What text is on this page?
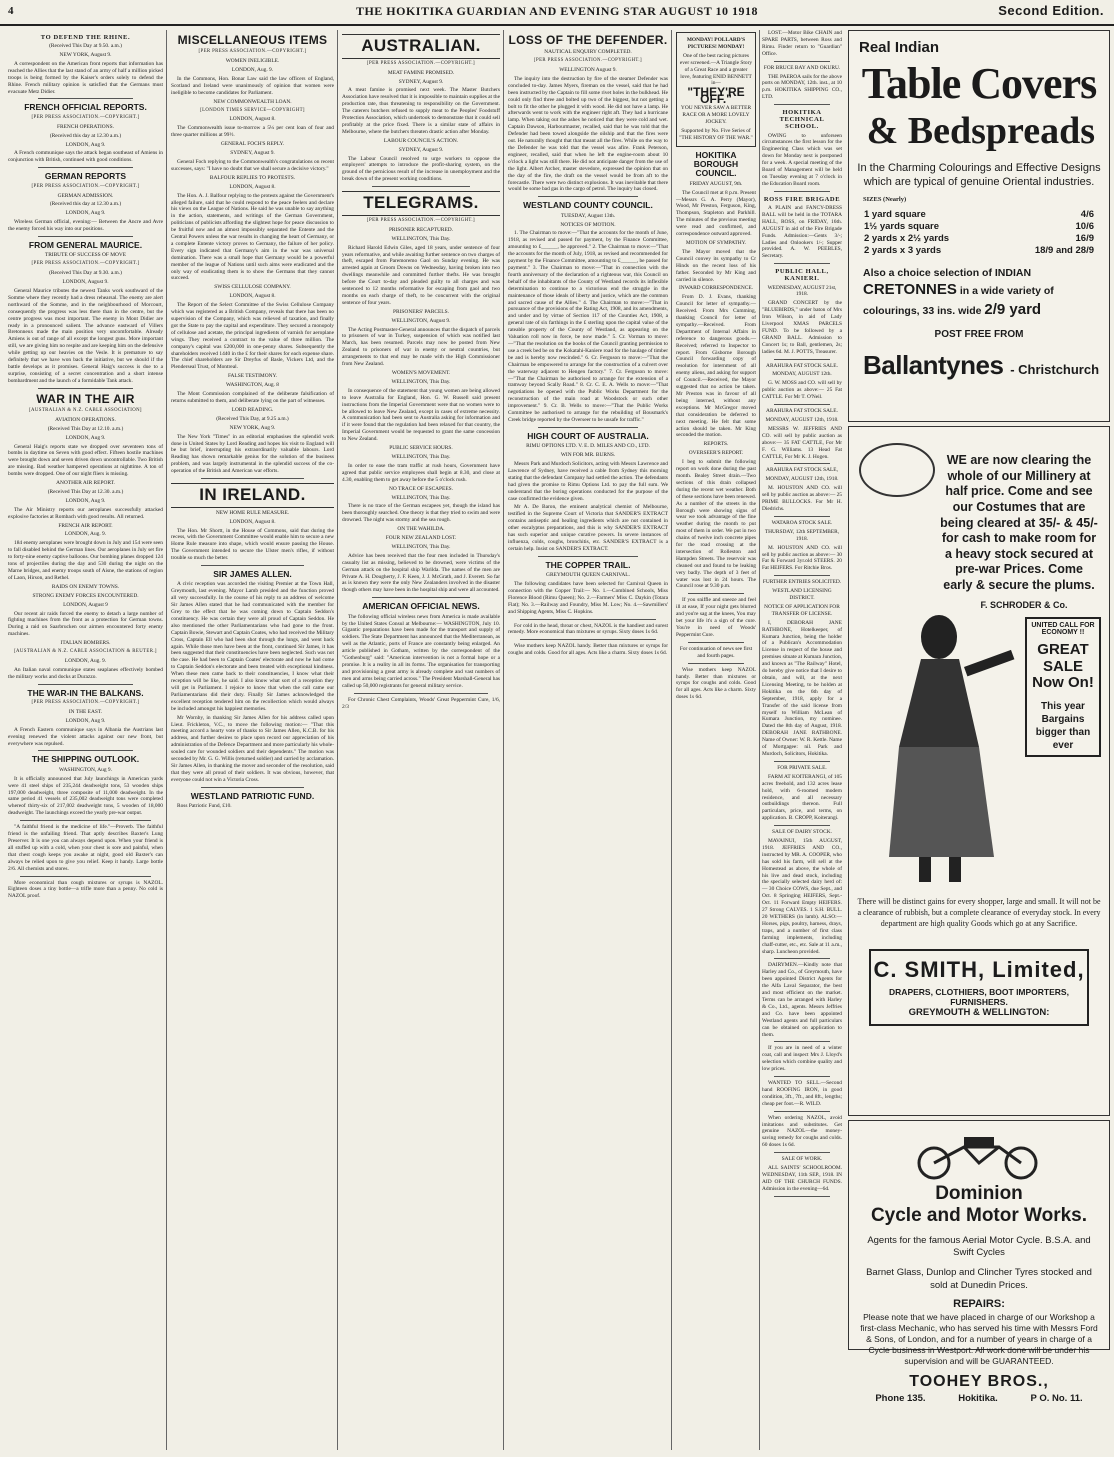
4	THE HOKITIKA GUARDIAN AND EVENING STAR AUGUST 10 1918	Second Edition.
TO DEFEND THE RHINE.
(Received This Day at 9.50. a.m.)
NEW YORK, August 9.

A correspondent on the American front reports that information has reached the Allies that the last stand of an army of half a million picked troops is being formed by the Kaiser's orders solely to defend the Rhine. French military opinion is satisfied that the Germans must evacuate Metz Didier.

FRENCH OFFICIAL REPORTS.
[PER PRESS ASSOCIATION.—COPYRIGHT.]
FRENCH OPERATIONS.
(Received this day at 12.30 a.m.)
LONDON, Aug 9.

A French communique says the attack began southeast of Amiens in conjunction with British, continued with good conditions.

GERMAN REPORTS
[PER PRESS ASSOCIATION.—COPYRIGHT.]
GERMAN ADMISSION.
(Received this day at 12.30 a.m.)
LONDON, Aug 9.

Wireless German official, evening:— Between the Ancre and Avre the enemy forced his way into our positions.

FROM GENERAL MAURICE.
TRIBUTE OF SUCCESS OF MOVE
[PER PRESS ASSOCIATION.—COPYRIGHT.]
(Received This Day at 9.30. a.m.)
LONDON, August 9.

General Maurice tributes the newest Tanks work southward of the Somme where they recently had a dress rehearsal. The enemy are alert northward of the Somme, and in the neighbourhood of Morcourt, consequently the progress was less there than in the centre, but the centre progress was most important. The enemy in Mont Didier are ready in a pronounced salient. The advance eastward of Villers Bretonneux made the main position very uncomfortable. Already Amiens is out of range of all except the longest guns. More important still, we are giving him no respite and are keeping him on the defensive while getting up our heavies on the Vesle. It is premature to say definitely that we have won back the initiative, but we should if the battle develops as it promises. General Haig's success is due to a surprise, consisting of a secret concentration and a short intense bombardment and the launch of a formidable Tank attack.

WAR IN THE AIR
[AUSTRALIAN & N.Z. CABLE ASSOCIATION]
AVIATION OPERATIONS.
(Received This Day at 12.10. a.m.)
LONDON, Aug 9.

General Haig's reports state we dropped over seventeen tons of bombs in daytime on Seven with good effect. Fifteen hostile machines were brought down and seven driven down uncontrollable. Two British are missing. Bad weather hampered operations at nighttime. A ton of bombs were dropped. One of our night fliers is missing.

ANOTHER AIR REPORT.
(Received This Day at 12.30. a.m.)
LONDON, Aug 9.

The Air Ministry reports our aeroplanes successfully attacked explosive factories at Rombach with good results. All returned.

FRENCH AIR REPORT.
LONDON, Aug. 9.

184 enemy aeroplanes were brought down in July and 154 were seen to fall disabled behind the German lines. Our aeroplanes in July set fire to forty-nine enemy captive balloons. Our bombing planes dropped 124 tons of projectiles during the day and 530 during the night on the Marne bridges, and enemy troops south of Aisne, the stations of region of Laon, Hirson, and Rethel.

RAIDS ON ENEMY TOWNS.
STRONG ENEMY FORCES ENCOUNTERED.
LONDON, August 9

Our recent air raids forced the enemy to detach a large number of fighting machines from the front as a protection for German towns. During a raid on Saarbrucken our airmen encountered forty enemy machines.

ITALIAN BOMBERS.
[AUSTRALIAN & N.Z. CABLE ASSOCIATION & REUTER.]
LONDON, Aug. 9.

An Italian naval communique states seaplanes effectively bombed the military works and docks at Durazzo.

THE WAR-IN THE BALKANS.
[PER PRESS ASSOCIATION.—COPYRIGHT.]
IN THE EAST.
LONDON, Aug 9.

A French Eastern communique says in Albania the Austrians last evening renewed the violent attacks against our new front, but everywhere was repulsed.

THE SHIPPING OUTLOOK.
WASHINGTON, Aug 9.

It is officially announced that July launchings in American yards were 41 steel ships of 235,244 deadweight tons, 53 wooden ships 197,000 deadweight, three composite of 11,000 deadweight. In the same period 41 vessels of 235,002 deadweight tons were completed whereof thirty-six of 217,002 deadweight tons, 5 wooden of 18,000 deadweight. The launchings exceed the yearly pre-war output.

"A faithful friend is the medicine of life."—Proverb. The faithful friend is the unfailing friend. That aptly describes Baxter's Lung Preserver. It is one you can always depend upon. When your friend is all stuffed up with a cold, when your chest is sore and painful, when that chest cough keeps you awake at night, good old Baxter's can always be relied upon to give you relief. Keep it handy. Large bottle 2/6. All chemists and stores.

More economical than cough mixtures or syrups is NAZOL. Eighteen doses a tiny bottle—a trifle more than a penny. No cold is NAZOL proof.

MISCELLANEOUS ITEMS
[PER PRESS ASSOCIATION.—COPYRIGHT.]
WOMEN INELIGIBLE.
LONDON, Aug. 9.

In the Commons, Hon. Bonar Law said the law officers of England, Scotland and Ireland were unanimously of opinion that women were ineligible to become candidates for Parliament.

NEW COMMONWEALTH LOAN.
[LONDON TIMES SERVICE—COPYRIGHT]
LONDON, August 8.

The Commonwealth issue to-morrow a 5¼ per cent loan of four and three quarter millions at 99½.

GENERAL FOCH'S REPLY.
SYDNEY, August 9.

General Foch replying to the Commonwealth's congratulations on recent successes, says: "I have no doubt that we shall secure a decisive victory."

BALFOUR REPLIES TO PROTESTS.
LONDON, August 8.

The Hon. A. J. Balfour replying to the protests against the Government's alleged failure, said that he could respond to the peace feelers and declare his views on the League of Nations. He said he was unable to say anything in the action, statements, and writings of the German Government, politicians of publicists affording the slightest hope for peace discussion to be fruitful now and an almost impossibly separated the Entente and the Central Powers unless the war results in changing the heart of Germany, or a complete Entente victory proves to Germany, the failure of her policy. Every sign indicated that Germany's aim in the war was universal domination. There was a small hope that Germany would be a powerful member of the league of Nations until such aims were eradicated and the only way of eradicating them is to show the Germans that they cannot succeed.

SWISS CELLULOSE COMPANY.
LONDON, August 8.

The Report of the Select Committee of the Swiss Cellulose Company which was registered as a British Company, reveals that there has been no supervision of the Company, which was relieved of taxation, and finally got the State to pay the capital and expenditure. They secured a monopoly of cellulose and acetate, the principal ingredients of varnish for aeroplane wings. They received a contract to the value of three million. The company's capital was £200,000 in one-penny shares. Subsequently the shareholders received 1440 in the £ for their shares for each expense share. The chief shareholders are Sir Dreyfus of Basle, Vickers Ltd, and the Plenderseal Trust, of Montreal.

FALSE TESTIMONY.
WASHINGTON, Aug. 8

The Mont Commission complained of the deliberate falsification of returns submitted to them, and deliberate lying on the part of witnesses.

LORD READING.
(Received This Day, at 9.25 a.m.)
NEW YORK, Aug 9.

The New York "Times" in an editorial emphasises the splendid work done in United States by Lord Reading and hopes his visit to England will be but brief, interrupting his extraordinarily valuable labours. Lord Reading has shown remarkable genius for the solution of the business problem, and was largely instrumental in the splendid success of the co-operation of the British and American war efforts.

IN IRELAND.
NEW HOME RULE MEASURE.
LONDON, August 8.

The Hon. Mr Shortt, in the House of Commons, said that during the recess, with the Government Committee would enable him to secure a new Home Rule measure into shape, which would ensure passing the House. The Government intended to secure the Ulster men's rifles, if without trouble so much the better.

SIR JAMES ALLEN.

A civic reception was accorded the visiting Premier at the Town Hall, Greymouth, last evening. Mayor Lamb presided and the function proved all very successfully. In the course of his reply to an address of welcome Sir James Allen stated that he had communicated with the member for Grey to the effect that he was coming down to Captain Seddon's constituency. He was certain they were all proud of Captain Seddon. He also mentioned the other Parliamentarians who had gone to the front. Captain Bowie, Stewart and Captain Coates, who had received the Military Cross, Captain Ell who had been shot through the lungs, and went back again. While those men have been at the front, continued Sir James, it has been suggested that their constituencies have been neglected. Such was not the case. He had been to Captain Coates' electorate and now he had come to Captain Seddon's electorate and been treated with exceptional kindness. When these men came back to their constituencies, I know what their reception will be like, he said. I also know what sort of a reception they will get in Parliament. I rejoice to know that when the call came our Parliamentarians did their duty. Finally Sir James acknowledged the excellent reception tendered him on the recollection which would always be included amongst his happiest memories.

Mr Wornby, in thanking Sir James Allen for his address called upon Lieut. Frickleton, V.C., to move the following motion:— "That this meeting accord a hearty vote of thanks to Sir James Allen, K.C.B. for his address, and further desires to place upon record our appreciation of his administration of the Defence Department and more particularly his whole-souled care for wounded soldiers and their dependents." The motion was seconded by Mr. G. G. Willis (returned soldier) and carried by acclamation. Sir James Allen, in thanking the mover and seconder of the resolution, said that they were all proud of their soldiers. It was obvious, however, that everyone could not win a Victoria Cross.

WESTLAND PATRIOTIC FUND.

Ross Patriotic Fund, £10.

AUSTRALIAN.
[PER PRESS ASSOCIATION.—COPYRIGHT.]
MEAT FAMINE PROMISED.
SYDNEY, August 9.

A meat famine is promised next week. The Master Butchers Association have resolved that it is impossible to maintain supplies at the production rate, thus threatening to responsibility on the Government. The caterers butchers refused to supply meat to the Peoples' Foodstuff Protection Association, which undertook to demonstrate that it could sell profitably at the price fixed. There is a similar state of affairs in Melbourne, where the butchers threaten drastic action after Monday.

LABOUR COUNCIL'S ACTION.
SYDNEY, August 9.

The Labour Council resolved to urge workers to oppose the employers' attempts to introduce the profit-sharing system, on the ground of the pernicious result of the increase in unemployment and the break down of the present working conditions.

TELEGRAMS.
[PER PRESS ASSOCIATION.—COPYRIGHT.]
PRISONER RECAPTURED.
WELLINGTON, This Day.

Richard Harold Edwin Giles, aged 18 years, under sentence of four years reformative, and while awaiting further sentence on two charges of theft, escaped from Paremoremo Gaol on Sunday evening. He was arrested again at Groom Downs on Wednesday, having broken into two dwellings meanwhile and committed further thefts. He was brought before the Court to-day and pleaded guilty to all charges and was sentenced to 12 months reformative for escaping from gaol and two months on each charge of theft, to be concurrent with the original sentence of four years.

PRISONERS' PARCELS.
WELLINGTON, August 9.

The Acting Postmaster-General announces that the dispatch of parcels to prisoners of war in Turkey, suspension of which was notified last March, has been resumed. Parcels may now be posted from New Zealand to prisoners of war in enemy or neutral countries, but arrangements to that end may be made with the High Commissioner from New Zealand.

WOMEN'S MOVEMENT.
WELLINGTON, This Day.

In consequence of the statement that young women are being allowed to leave Australia for England, Hon. G. W. Russell said present instructions from the Imperial Government were that no women were to be allowed to leave New Zealand, except in cases of extreme necessity. A communication had been sent to Australia asking for information and if it were found that the regulation had been relaxed for that country, the Imperial Government would be requested to grant the same concession to New Zealand.

PUBLIC SERVICE HOURS.
WELLINGTON, This Day.

In order to ease the tram traffic at rush hours, Government have agreed that public service employees shall begin at 8.30, and close at 4.30, enabling them to get away before the 5 o'clock rush.

NO TRACE OF ESCAPEES.
WELLINGTON, This Day.

There is no trace of the German escapees yet, though the island has been thoroughly searched. One theory is that they tried to swim and were drowned. The night was stormy and the sea rough.

ON THE WAHILDA.
FOUR NEW ZEALAND LOST.
WELLINGTON, This Day.

Advice has been received that the four men included in Thursday's casualty list as missing, believed to be drowned, were victims of the German attack on the hospital ship Warilda. The names of the men are Private A. H. Dougherty, J. F. Keen, J. J. McGrath, and J. Everett. So far as is known they were the only New Zealanders involved in the disaster though others may have been in the hospital ship and were all accounted.

AMERICAN OFFICIAL NEWS.

The following official wireless news from America is made available by the United States Consul at Melbourne:— WASHINGTON, July 10. Gigantic preparations have been made for the transport and supply of soldiers. The State Department has announced that the Mediterranean, as well as the Atlantic, ports of France are constantly being enlarged. An article published in Gotham, written by the correspondent of the "Gothenburg" said: "American intervention is not a formal hope or a promise. It is a reality in all its forms. The organisation for transporting and provisioning a great army is already complete and vast numbers of men and arms being carried across." The President Marshall-General has called up 50,000 registrants for general military service.

For Chronic Chest Complaints, Woods' Great Peppermint Cure, 1/6, 2/3

LOSS OF THE DEFENDER.
NAUTICAL ENQUIRY COMPLETED.
[PER PRESS ASSOCIATION.—COPYRIGHT.]
WELLINGTON August 9.

The inquiry into the destruction by fire of the steamer Defender was concluded to-day. James Myers, fireman on the vessel, said that he had been instructed by the Captain to fill some rivet holes in the bulkhead. He could only find three and bolted up two of the biggest, but not getting a bolt to fit the other he plugged it with wood. He did not have a lamp. He afterwards went to work with the engineer right aft. They had a hurricane lamp. When taking out the ashes he noticed that they were cold and wet. Captain Dawson, Harbourmaster, recalled, said that he was told that the Defender had been towed alongside the oilship and that the fires were out. He naturally thought that that meant all the fires. While on the way to the Defender he was told that the vessel was afire. Frank Peterson, engineer, recalled, said that when he left the engine-room about 10 o'clock a light was still there. He did not anticipate danger from the use of the light. Albert Archer, master stevedore, expressed the opinion that on the day of the fire, the draft on the vessel would be from aft to the forecastle. There were two distinct explosions. It was inevitable that there would be some bad gas in the cargo of petrol. The inquiry has closed.

WESTLAND COUNTY COUNCIL.
TUESDAY, August 13th.
NOTICES OF MOTION.

1. The Chairman to move:—"That the accounts for the month of June, 1918, as revised and passed for payment, by the Finance Committee, amounting to £______, be approved." 2. The Chairman to move:—"That the accounts for the month of July, 1918, as revised and recommended for payment by the Finance Committee, amounting to £______, be passed for payment." 3. The Chairman to move:—"That in connection with the fourth anniversary of the declaration of a righteous war, this Council on behalf of the inhabitants of the County of Westland records its inflexible determination to continue to a victorious end the struggle in the maintenance of those ideals of liberty and justice, which are the common and sacred cause of the Allies." 4. The Chairman to move:—"That in pursuance of the provisions of the Rating Act, 1908, and its amendments, and under and by virtue of Section 117 of the Counties Act, 1908, a general rate of six farthings in the £ sterling upon the capital value of the rateable property of the County of Westland, as appearing on the Valuation roll now in force, be now made." 5. Cr. Vorman to move:—"That the resolution on the books of the Council granting permission to use a creek bed be on the Kokatahi-Kaniere road for the haulage of timber be and is hereby now rescinded." 6. Cr. Ferguson to move:—"That the Chairman be empowered to arrange for the construction of a culvert over the waterway adjacent to Hengen factory." 7. Cr. Ferguson to move:—"That the Chairman be authorised to arrange for the extension of a tramway beyond Scally Road." 8. Cr. C. E. A. Wells to move:—"That negotiations be opened with the Public Works Department for the reconstruction of the main road at Woodstock or such other improvement." 9. Cr. B. Wells to move:—"That the Public Works Committee be authorised to arrange for the rebuilding of Bousmark's Creek bridge reported by the Overseer to be unsafe for traffic."

HIGH COURT OF AUSTRALIA.
RIMU OPTIONS LTD. V. E. D. MILES AND CO., LTD.
WIN FOR MR. BURNS.

Messrs Park and Murdoch Solicitors, acting with Messrs Lawrence and Lawrence of Sydney, have received a cable from Sydney this morning stating that the defendant Company had settled the action. The defendants had given the promise to Rimu Options Ltd. to pay the full sum. We understand that the boring operations conducted for the purpose of the case confirmed the evidence given.

Mr A. De Baron, the eminent analytical chemist of Melbourne, testified in the Supreme Court of Victoria that SANDER'S EXTRACT contains antiseptic and healing ingredients which are not contained in other eucalyptus preparations, and this is why SANDER'S EXTRACT has such superior and unique curative powers. In severe instances of influenza, colds, coughs, bronchitis, etc. SANDER'S EXTRACT is a certain help. Insist on SANDER'S EXTRACT.

THE COPPER TRAIL.
GREYMOUTH QUEEN CARNIVAL.

The following candidates have been selected for Carnival Queen in connection with the Copper Trail:— No. 1.—Combined Schools, Miss Florence Blood (Rimu Queen); No. 2.—Farmers' Miss C. Daykin (Totara Flat); No. 3.—Railway and Foundry, Miss M. Low; No. 4.—Sawmillers' and Shipping Agents, Miss C. Hopkins.

For cold in the head, throat or chest, NAZOL is the handiest and surest remedy. More economical than mixtures or syrups. Sixty doses 1s 6d.

Wise mothers keep NAZOL handy. Better than mixtures or syrups for coughs and colds. Good for all ages. Acts like a charm. Sixty doses 1s 6d.

MONDAY! POLLARD'S PICTURES! MONDAY!

One of the best racing pictures ever screened.—A Triangle Story of a Great Race and a greater love, featuring ENID BENNETT in—

"THEY'RE OFF."
YOU NEVER SAW A BETTER RACE OR A MORE LOVELY JOCKEY.
Supported by No. Five Series of "THE HISTORY OF THE WAR."
HOKITIKA BOROUGH COUNCIL.
FRIDAY AUGUST, 9th.

The Council met at 8 p.m. Present—Messrs G. A. Perry (Mayor), Wood, Mr Preston, Ferguson, King, Thompson, Stapleton and Parkhill. The minutes of the previous meeting were read and confirmed, and correspondence outward approved.

MOTION OF SYMPATHY.

The Mayor moved that the Council convey its sympathy to Cr Hinds on the recent loss of his father. Seconded by Mr King and carried in silence.

INWARD CORRESPONDENCE.

From D. J. Evans, thanking Council for letter of sympathy.—Received. From Mrs Cumming, thanking Council for letter of sympathy.—Received. From Department of Internal Affairs in reference to dangerous goods.—Received; referred to Inspector to report. From Gisborne Borough Council forwarding copy of resolution for internment of all enemy aliens, and asking for support of Council.—Received, the Mayor suggested that no action be taken. Mr Preston was in favour of all being interned, without any exceptions. Mr McGregor moved that consideration be deferred to next meeting. He felt that some action should be taken. Mr King seconded the motion.

REPORTS.
OVERSEER'S REPORT.

I beg to submit the following report on work done during the past month. Bealey Street drain.—Two sections of this drain collapsed during the recent wet weather. Both of these sections have been renewed. As a number of the streets in the Borough were showing signs of wear we took advantage of the fine weather during the month to put most of them in order. We put in two chains of twelve inch concrete pipes for the road crossing at the intersection of Rolleston and Hampden Streets. The reservoir was cleaned out and found to be leaking very badly. The depth of 3 feet of water was lost in 24 hours. The Council rose at 9.30 p.m.

If you sniffle and sneeze and feel ill at ease, If your night gets blurred and you're sag at the knees, You may bet your life it's a sign of the cure. You're in need of Woods' Peppermint Cure.

For continuation of news see first and fourth pages.

Wise mothers keep NAZOL handy. Better than mixtures or syrups for coughs and colds. Good for all ages. Acts like a charm. Sixty doses 1s 6d.

Real Indian
Table Covers
& Bedspreads
In the Charming Colourings and Effective Designs which are typical of genuine Oriental industries.
SIZES (Nearly)
1 yard square	4/6
1½ yards square	10/6
2 yards x 2½ yards	16/9
2 yards x 3 yards	18/9 and 28/9
Also a choice selection of INDIAN
CRETONNES in a wide variety of colourings, 33 ins. wide 2/9 yard
POST FREE FROM
Ballantynes - Christchurch
WE are now clearing the whole of our Millinery at half price. Come and see our Costumes that are being cleared at 35/- & 45/- for cash to make room for a heavy stock secured at pre-war Prices. Come early & secure the plums.
F. SCHRODER & Co.
UNITED CALL FOR ECONOMY !!
GREAT SALE Now On!
This year Bargains bigger than ever
There will be distinct gains for every shopper, large and small. It will not be a clearance of rubbish, but a complete clearance of everyday stock. In every department are high quality Goods which go at any Sacrifice.
C. SMITH, Limited,
DRAPERS, CLOTHIERS, BOOT IMPORTERS, FURNISHERS.
GREYMOUTH & WELLINGTON:
Dominion
Cycle and Motor Works.
Agents for the famous Aerial Motor Cycle. B.S.A. and Swift Cycles
Barnet Glass, Dunlop and Clincher Tyres stocked and sold at Dunedin Prices.
REPAIRS:
Please note that we have placed in charge of our Workshop a first-class Mechanic, who has served his time with Messrs Ford & Sons, of London, and for a number of years in charge of a Cycle business in Westport. All work done will be under his supervision and will be GUARANTEED.
TOOHEY BROS.,
Phone 135.	Hokitika.	P O. No. 11.

LOST.—Motor Bike CHAIN and SPARE PARTS, between Ross and Rimu. Finder return to "Guardian" Office.

FOR BRUCE BAY AND OKURU.

THE PAEROA sails for the above ports on MONDAY, 12th. inst., at 10 p.m. HOKITIKA SHIPPING CO., LTD.

HOKITIKA TECHNICAL SCHOOL.

OWING to unforseen circumstances the first lesson for the Engineering Class which was set down for Monday next is postponed for a week. A special meeting of the Board of Management will be held on Tuesday evening at 7 o'clock in the Education Board room.

ROSS FIRE BRIGADE

A PLAIN and FANCY-DRESS BALL will be held in the TOTARA HALL, ROSS, on FRIDAY, 16th. AUGUST in aid of the Fire Brigade Funds. Admission:—Gents 3/-; Ladies and Onlookers 1/-; Supper provided. A. W. PEEBLES, Secretary.

PUBLIC HALL, KANIERI.
WEDNESDAY, AUGUST 21st, 1918.

GRAND CONCERT by the "BLUEBIRDS," under baton of Mrs Iron Wilson, in aid of Lady Liverpool XMAS PARCELS FUND. To be followed by a GRAND BALL. Admission to Concert 1s; to Ball, gentlemen, 2s; ladies 6d. M. J. POTTS, Treasurer.

ARAHURA FAT STOCK SALE.
MONDAY, AUGUST 12th.

G. W. MOSS and CO. will sell by public auction as above:— 25 Fat CATTLE. For Mr T. O'Neil.

ARAHURA FAT STOCK SALE.
MONDAY, AUGUST 12th, 1918.

MESSRS W. JEFFRIES AND CO. will sell by public auction as above:— 35 FAT CATTLE, For Mr F. G. Williams. 13 Head Fat CATTLE, For Mr K. J. Hogen.

ARAHURA FAT STOCK SALE,
MONDAY, AUGUST 12th, 1918.

M. HOUSTON AND CO. will sell by public auction as above:— 25 PRIME BULLOCKS. For Mr H. Diedrichs.

WATAROA STOCK SALE.
THURSDAY, 12th SEPTEMBER, 1918.

M. HOUSTON AND CO. will sell by public auction as above:— 30 Fat & Forward 3yr.old STEERS. 20 Fat HEIFERS. For Ritchie Bros.

FURTHER ENTRIES SOLICITED.
WESTLAND LICENSING DISTRICT.
NOTICE OF APPLICATION FOR TRANSFER OF LICENSE.

I, DEBORAH JANE RATHBONE, Hotelkeeper, of Kumara Junction, being the holder of a Publican's Accommodation License in respect of the house and premises situate at Kumara Junction, and known as "The Railway" Hotel, do hereby give notice that I desire to obtain, and will, at the next Licensing Meeting, to be holden at Hokitika on the 6th day of September, 1918, apply for a Transfer of the said license from myself to William McLean of Kumara Junction, my nominee. Dated the 8th day of August, 1918. DEBORAH JANE RATHBONE. Name of Owner: W. R. Kettle. Name of Mortgagee: nil. Park and Murdoch, Solicitors, Hokitika.

FOR PRIVATE SALE.

FARM AT KOITERANGI, of 105 acres freehold, and 132 acres lease hold, with 6-roomed modern residence, and all necessary outbuildings thereon. Full particulars, price, and terms, on application. B. CROPP, Koiterangi.

SALE OF DAIRY STOCK.

MAVAINUI, 15th AUGUST, 1918. JEFFRIES AND CO., instructed by MR. A. COOPER, who has sold his farm, will sell at the Homestead as above, the whole of his live and dead stock, including the specially selected dairy herd of:— 30 Choice COWS, due Sept., and Oct. 8 Springing HEIFERS, Sept.-Oct. 11 Forward Empty HEIFERS. 27 Strong CALVES. 1 S.H. BULL. 20 WETHERS (in lamb). ALSO:—Horses, pigs, poultry, harness, drays, traps, and a number of first class farming implements, including chaff-cutter, etc., etc. Sale at 11 a.m., sharp. Luncheon provided.

DAIRYMEN.—Kindly note that Harley and Co., of Greymouth, have been appointed District Agents for the Alfa Laval Separator, the best and most efficient on the market. Terms can be arranged with Harley & Co., Ltd., agents. Messrs Jeffries and Co. have been appointed Westland agents and full particulars can be obtained on application to them.

If you are in need of a winter coat, call and inspect Mrs J. Lloyd's selection which combine quality and low prices.

WANTED TO SELL.—Second hand ROOFING IRON, in good condition, 3ft., 7ft., and 8ft., lengths; cheap per foot.—R. WILD.

When ordering NAZOL, avoid imitations and substitutes. Get genuine NAZOL—the money-saving remedy for coughs and colds. 60 doses 1s 6d.

SALE OF WORK.

ALL SAINTS' SCHOOLROOM. WEDNESDAY, 11th SEP., 1918. IN AID OF THE CHURCH FUNDS. Admission in the evening—6d.
